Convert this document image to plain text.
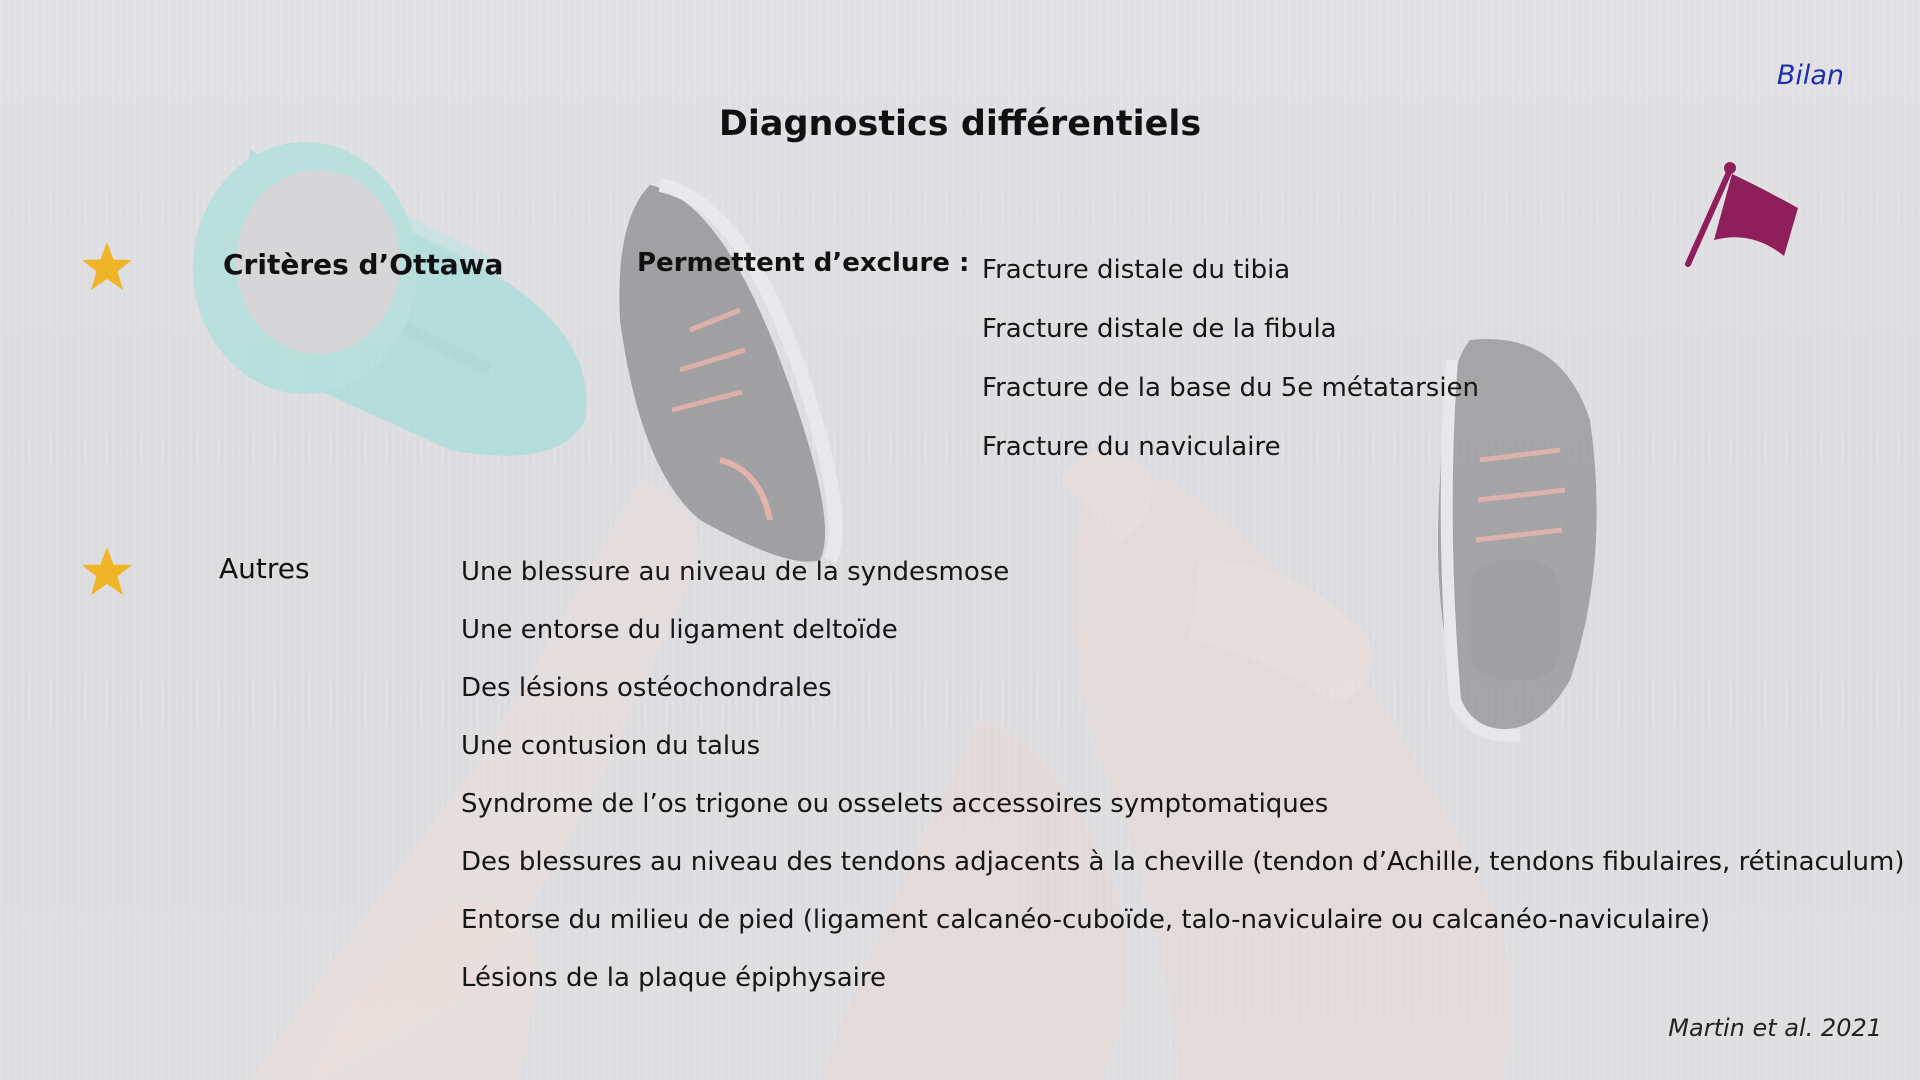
Bilan
Diagnostics différentiels
Critères d’Ottawa	Permettent d’exclure : Fracture distale du tibia
Fracture distale de la fibula
Fracture de la base du 5e métatarsien
Fracture du naviculaire
Autres	Une blessure au niveau de la syndesmose
Une entorse du ligament deltoïde
Des lésions ostéochondrales
Une contusion du talus
Syndrome de l’os trigone ou osselets accessoires symptomatiques
Des blessures au niveau des tendons adjacents à la cheville (tendon d’Achille, tendons fibulaires, rétinaculum)
Entorse du milieu de pied (ligament calcanéo-cuboïde, talo-naviculaire ou calcanéo-naviculaire)
Lésions de la plaque épiphysaire
Martin et al. 2021
